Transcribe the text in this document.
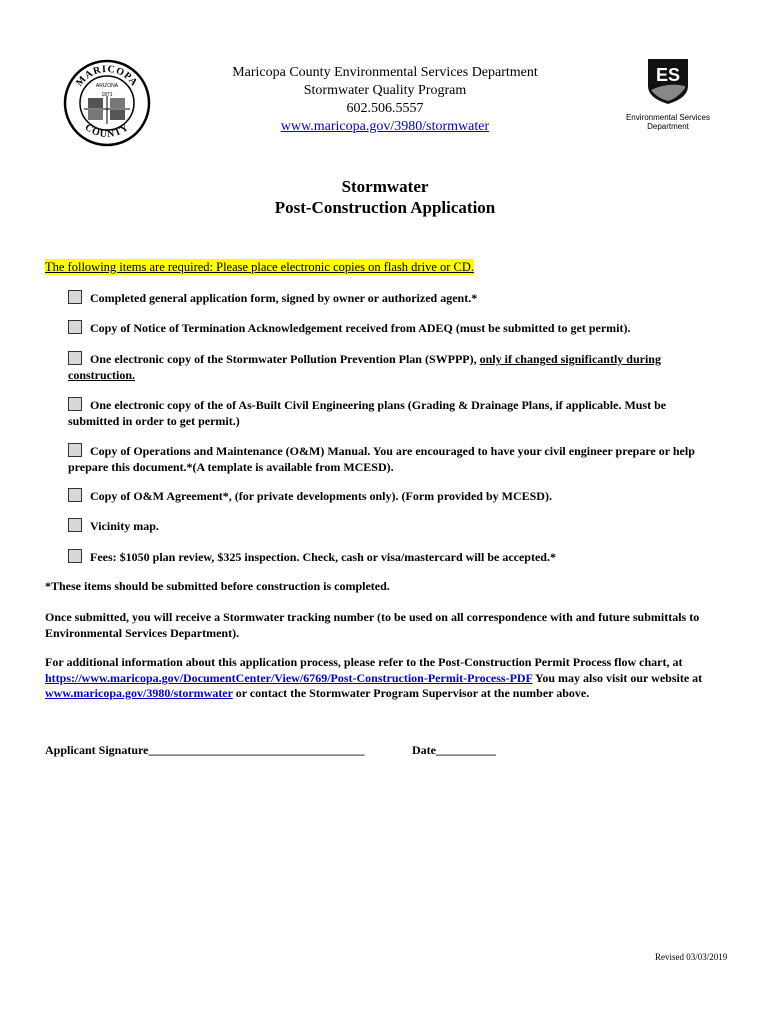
MARICOPA
COUNTY
ARIZONA
1871
ES
Environmental Services
Department
Maricopa County Environmental Services Department
Stormwater Quality Program
602.506.5557
www.maricopa.gov/3980/stormwater
Stormwater
Post-Construction Application
The following items are required: Please place electronic copies on flash drive or CD.
Completed general application form, signed by owner or authorized agent.*
Copy of Notice of Termination Acknowledgement received from ADEQ (must be submitted to get permit).
One electronic copy of the Stormwater Pollution Prevention Plan (SWPPP), only if changed significantly during construction.
One electronic copy of the of As-Built Civil Engineering plans (Grading & Drainage Plans, if applicable. Must be submitted in order to get permit.)
Copy of Operations and Maintenance (O&M) Manual. You are encouraged to have your civil engineer prepare or help prepare this document.*(A template is available from MCESD).
Copy of O&M Agreement*, (for private developments only). (Form provided by MCESD).
Vicinity map.
Fees: $1050 plan review, $325 inspection. Check, cash or visa/mastercard will be accepted.*
*These items should be submitted before construction is completed.
Once submitted, you will receive a Stormwater tracking number (to be used on all correspondence with and future submittals to Environmental Services Department).
For additional information about this application process, please refer to the Post-Construction Permit Process flow chart, at https://www.maricopa.gov/DocumentCenter/View/6769/Post-Construction-Permit-Process-PDF You may also visit our website at www.maricopa.gov/3980/stormwater or contact the Stormwater Program Supervisor at the number above.
Applicant Signature____________________________________	Date__________
Revised 03/03/2019
